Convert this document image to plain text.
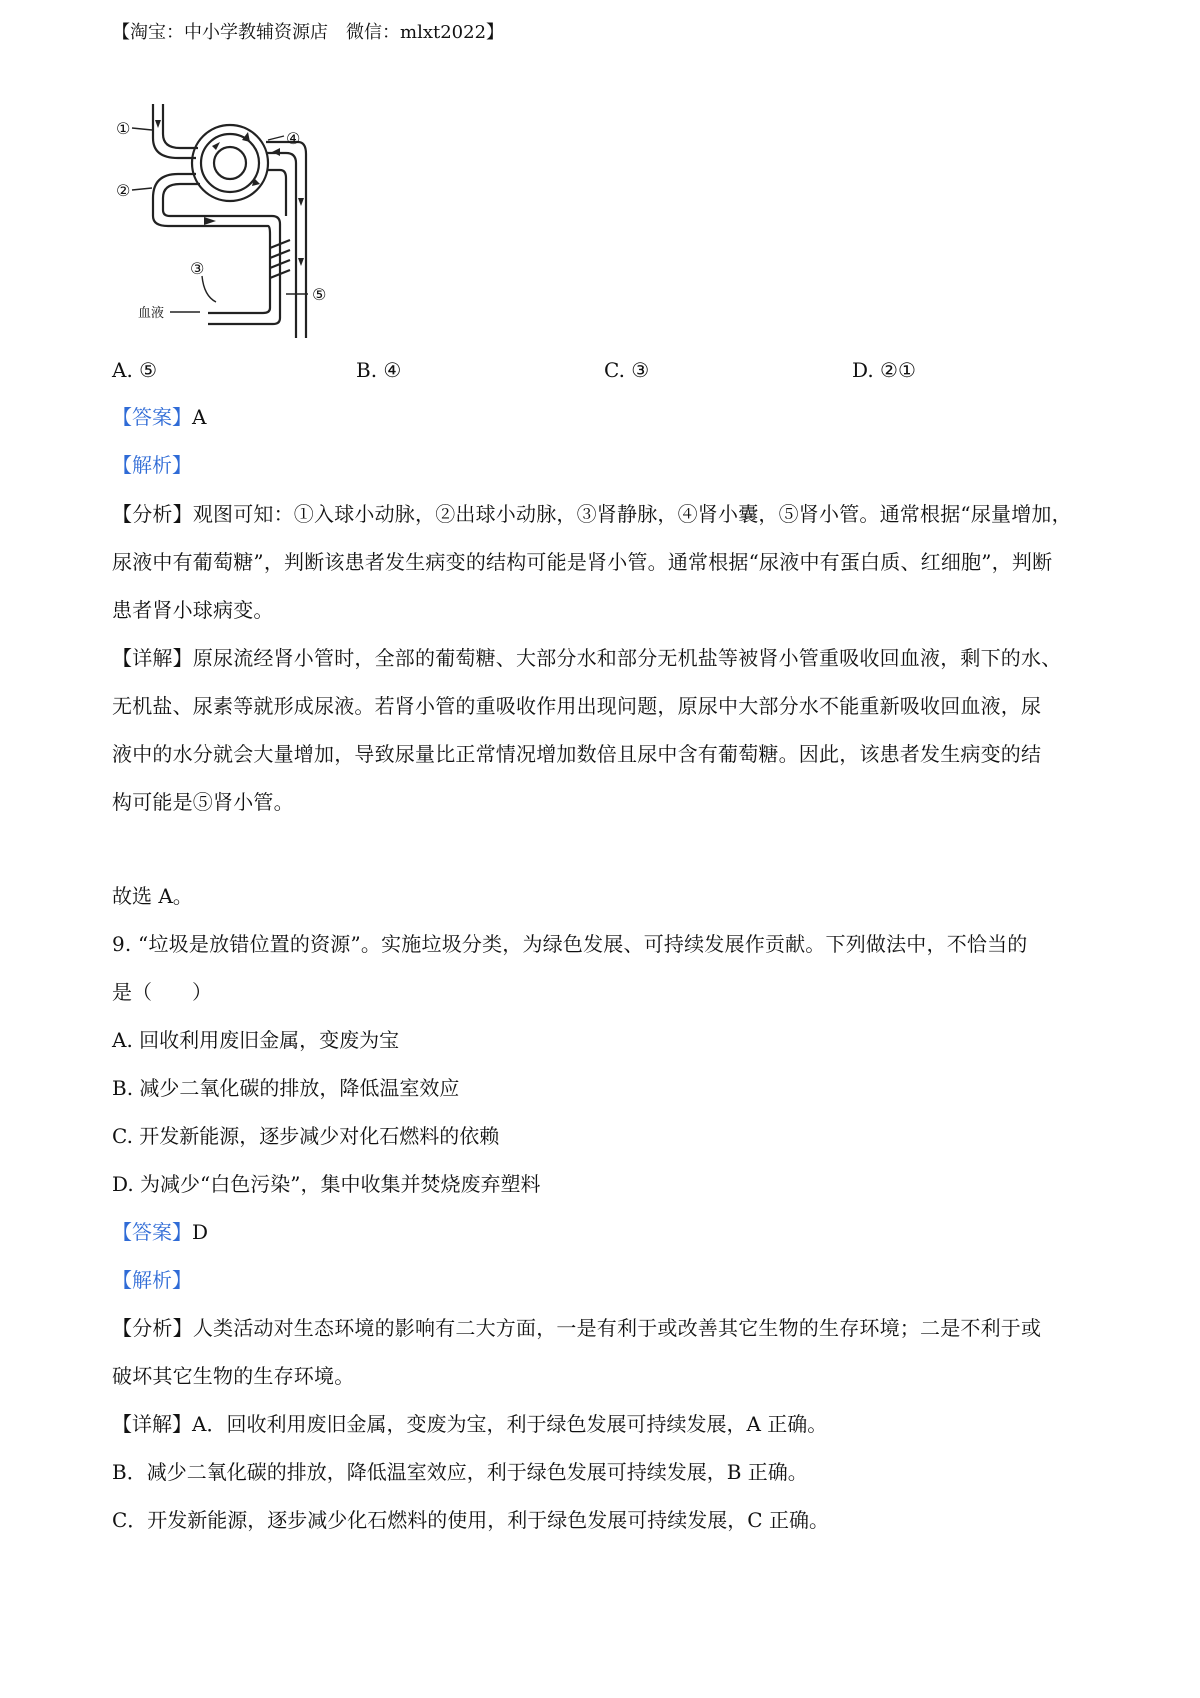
【淘宝：中小学教辅资源店　微信：mlxt2022】
①
②
③
④
⑤
血液
A. ⑤	B. ④	C. ③	D. ②①
【答案】A
【解析】
【分析】观图可知：①入球小动脉，②出球小动脉，③肾静脉，④肾小囊，⑤肾小管。通常根据“尿量增加，
尿液中有葡萄糖”，判断该患者发生病变的结构可能是肾小管。通常根据“尿液中有蛋白质、红细胞”，判断
患者肾小球病变。
【详解】原尿流经肾小管时，全部的葡萄糖、大部分水和部分无机盐等被肾小管重吸收回血液，剩下的水、
无机盐、尿素等就形成尿液。若肾小管的重吸收作用出现问题，原尿中大部分水不能重新吸收回血液，尿
液中的水分就会大量增加，导致尿量比正常情况增加数倍且尿中含有葡萄糖。因此，该患者发生病变的结
构可能是⑤肾小管。
故选 A。
9. “垃圾是放错位置的资源”。实施垃圾分类，为绿色发展、可持续发展作贡献。下列做法中，不恰当的
是（　　）
A. 回收利用废旧金属，变废为宝
B. 减少二氧化碳的排放，降低温室效应
C. 开发新能源，逐步减少对化石燃料的依赖
D. 为减少“白色污染”，集中收集并焚烧废弃塑料
【答案】D
【解析】
【分析】人类活动对生态环境的影响有二大方面，一是有利于或改善其它生物的生存环境；二是不利于或
破坏其它生物的生存环境。
【详解】A．回收利用废旧金属，变废为宝，利于绿色发展可持续发展，A 正确。
B．减少二氧化碳的排放，降低温室效应，利于绿色发展可持续发展，B 正确。
C．开发新能源，逐步减少化石燃料的使用，利于绿色发展可持续发展，C 正确。
